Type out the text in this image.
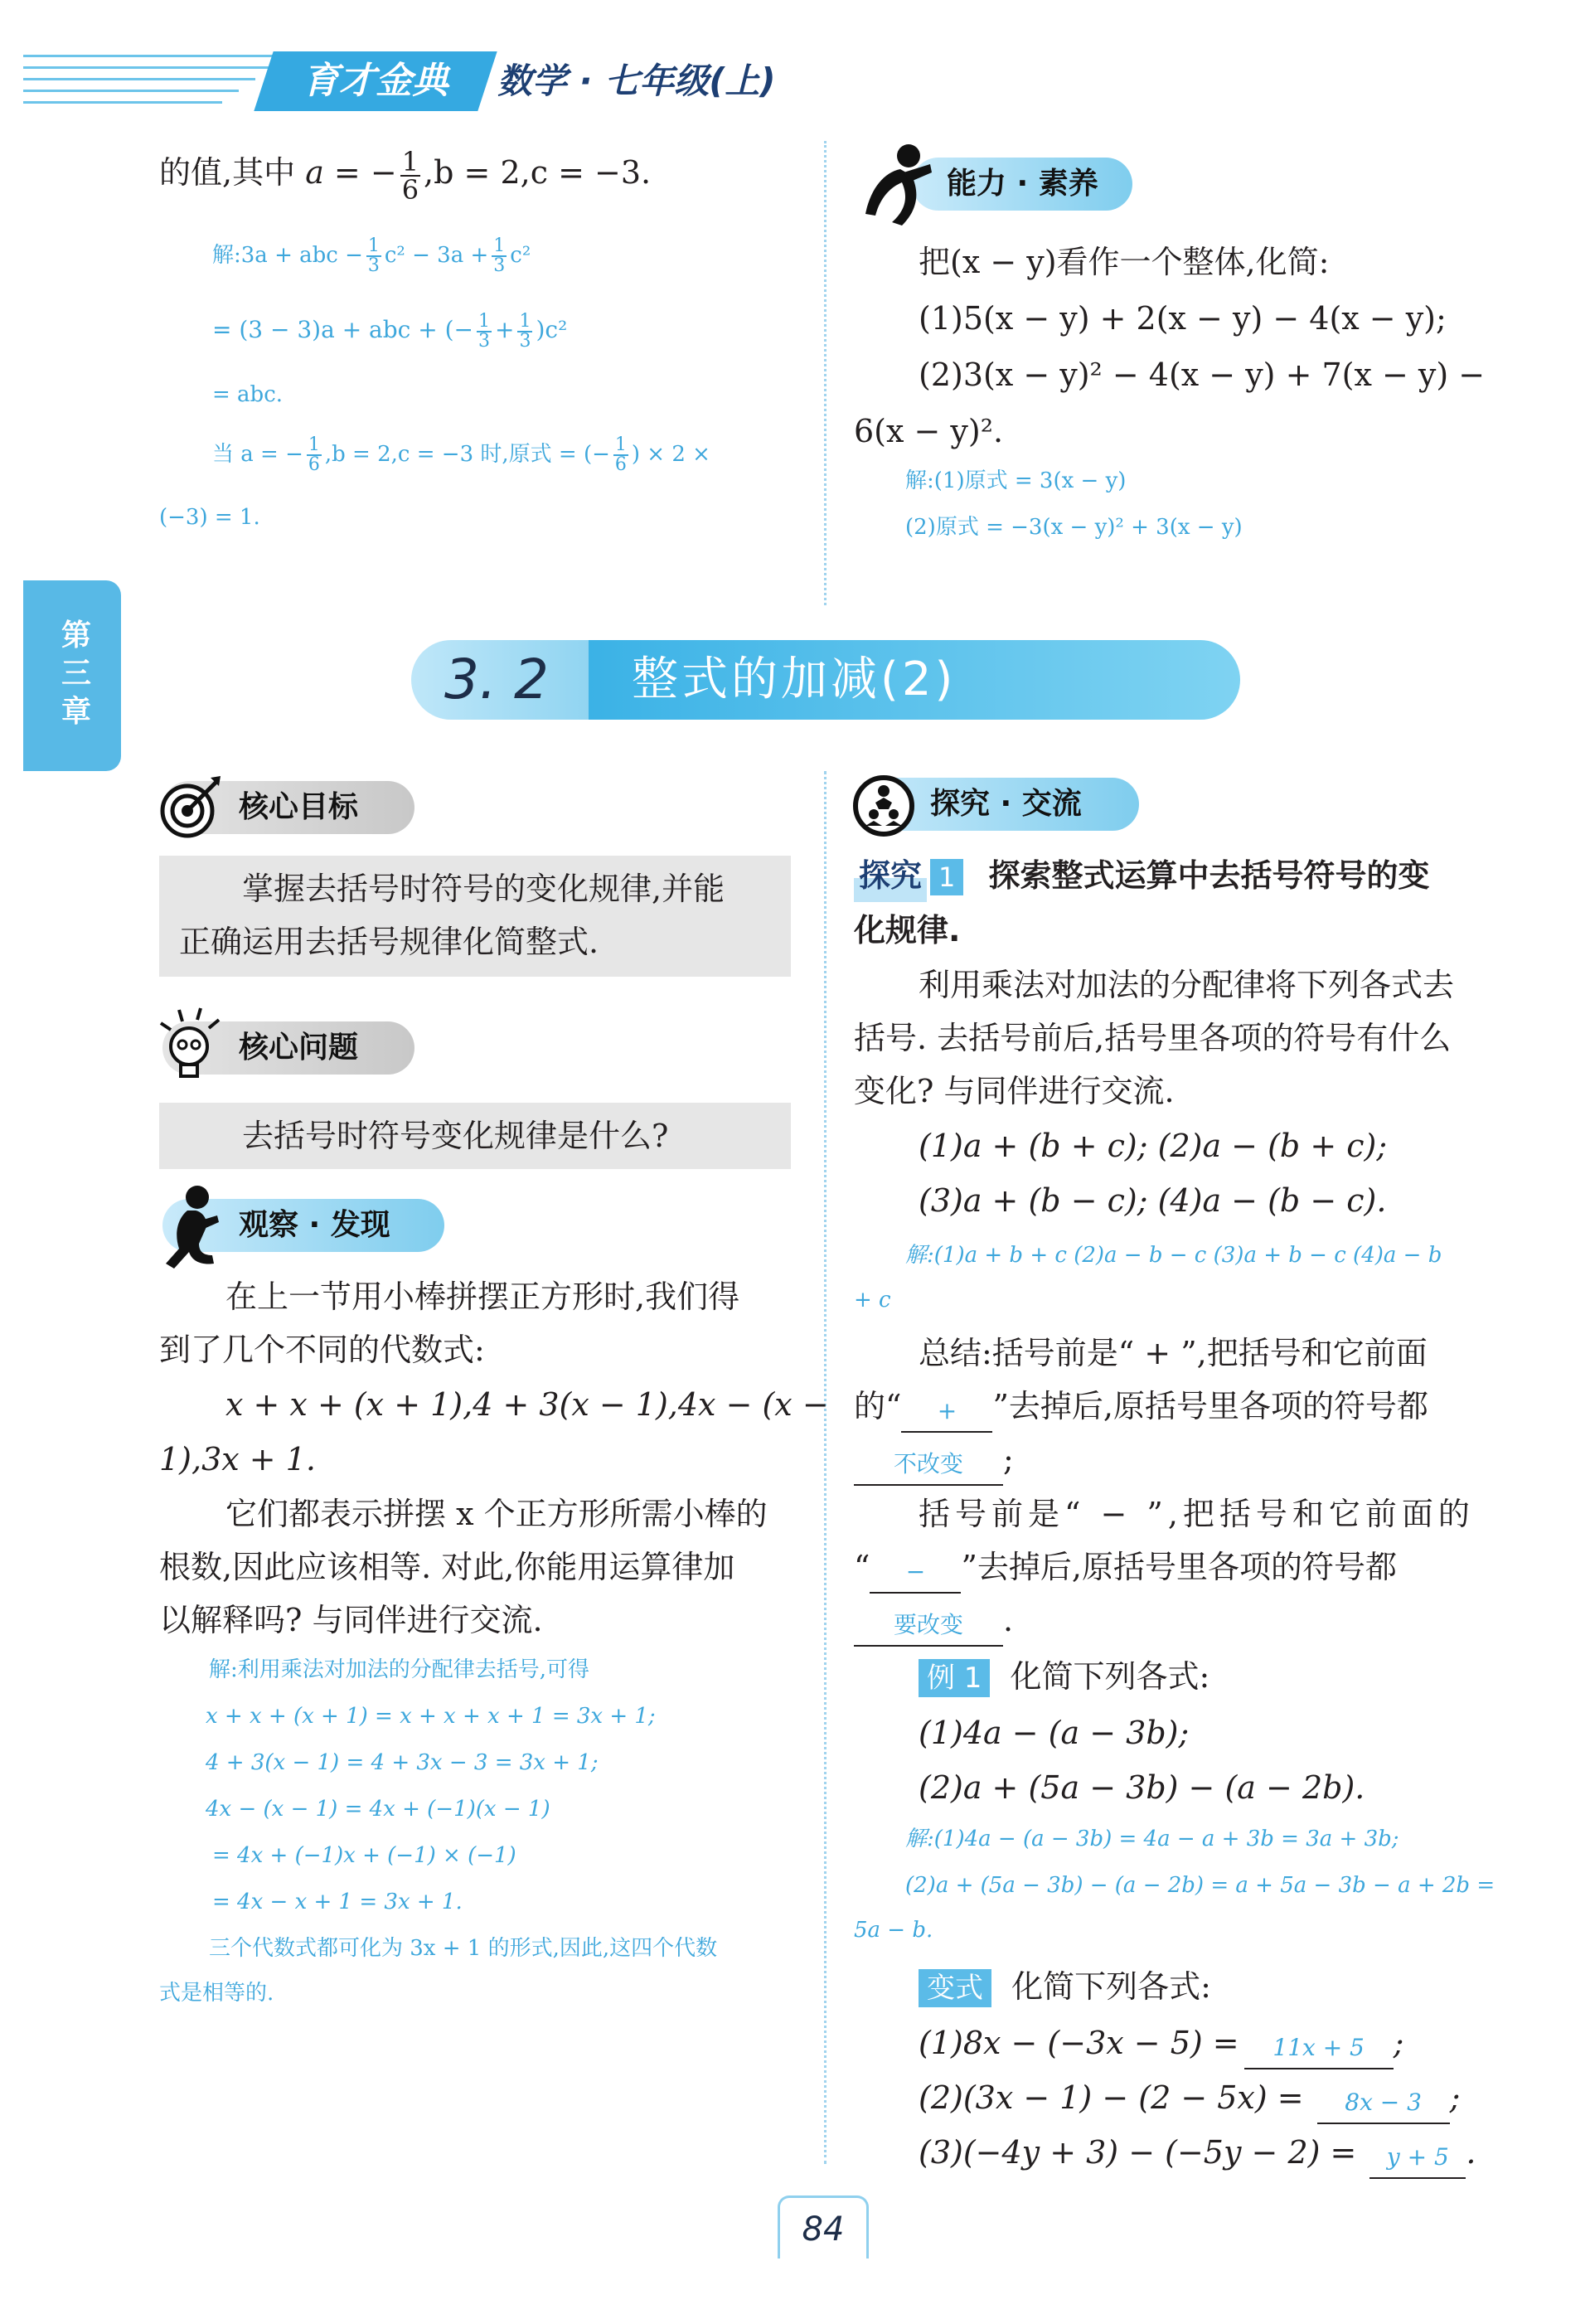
育才金典	数学 · 七年级(上)
第三章
的值,其中 a = − $\frac{1}{6} ,b = 2,c = -3$.
解:3a + abc − $\frac{1}{3} c^2 - 3a + \frac{1}{3} c^2$
= (3 − 3)a + abc + (− $\frac{1}{3} + \frac{1}{3} )c^2$
= abc.
当 a = − $\frac{1}{6} ,b = 2,c = -3$ 时,原式 = (− $\frac{1}{6}$ ) × 2 ×
(−3) = 1.
能力 · 素养
把(x − y)看作一个整体,化简:
(1)5(x − y) + 2(x − y) − 4(x − y);
(2)3(x − y)² − 4(x − y) + 7(x − y) −
6(x − y)².
解:(1)原式 = 3(x − y)
(2)原式 = −3(x − y)² + 3(x − y)
3. 2 整式的加减(2)
核心目标
掌握去括号时符号的变化规律,并能
正确运用去括号规律化简整式.
核心问题
去括号时符号变化规律是什么?
观察 · 发现
在上一节用小棒拼摆正方形时,我们得
到了几个不同的代数式:
x + x + (x + 1),4 + 3(x − 1),4x − (x −
1),3x + 1.
它们都表示拼摆 x 个正方形所需小棒的
根数,因此应该相等. 对此,你能用运算律加
以解释吗? 与同伴进行交流.
解:利用乘法对加法的分配律去括号,可得
x + x + (x + 1) = x + x + x + 1 = 3x + 1;
4 + 3(x − 1) = 4 + 3x − 3 = 3x + 1;
4x − (x − 1) = 4x + (−1)(x − 1)
= 4x + (−1)x + (−1) × (−1)
= 4x − x + 1 = 3x + 1.
三个代数式都可化为 3x + 1 的形式,因此,这四个代数
式是相等的.
探究 · 交流
探究 1 探索整式运算中去括号符号的变
化规律.
利用乘法对加法的分配律将下列各式去
括号. 去括号前后,括号里各项的符号有什么
变化? 与同伴进行交流.
(1)a + (b + c); (2)a − (b + c);
(3)a + (b − c); (4)a − (b − c).
解:(1)a + b + c (2)a − b − c (3)a + b − c (4)a − b
+ c
总结:括号前是“ + ”,把括号和它前面
的“ + ”去掉后,原括号里各项的符号都
不改变 ;
括号前是“ − ”,把括号和它前面的
“ − ”去掉后,原括号里各项的符号都
要改变 .
例 1 化简下列各式:
(1)4a − (a − 3b);
(2)a + (5a − 3b) − (a − 2b).
解:(1)4a − (a − 3b) = 4a − a + 3b = 3a + 3b;
(2)a + (5a − 3b) − (a − 2b) = a + 5a − 3b − a + 2b =
5a − b.
变式 化简下列各式:
(1)8x − (−3x − 5) = 11x + 5 ;
(2)(3x − 1) − (2 − 5x) = 8x − 3 ;
(3)(−4y + 3) − (−5y − 2) = y + 5 .
84
